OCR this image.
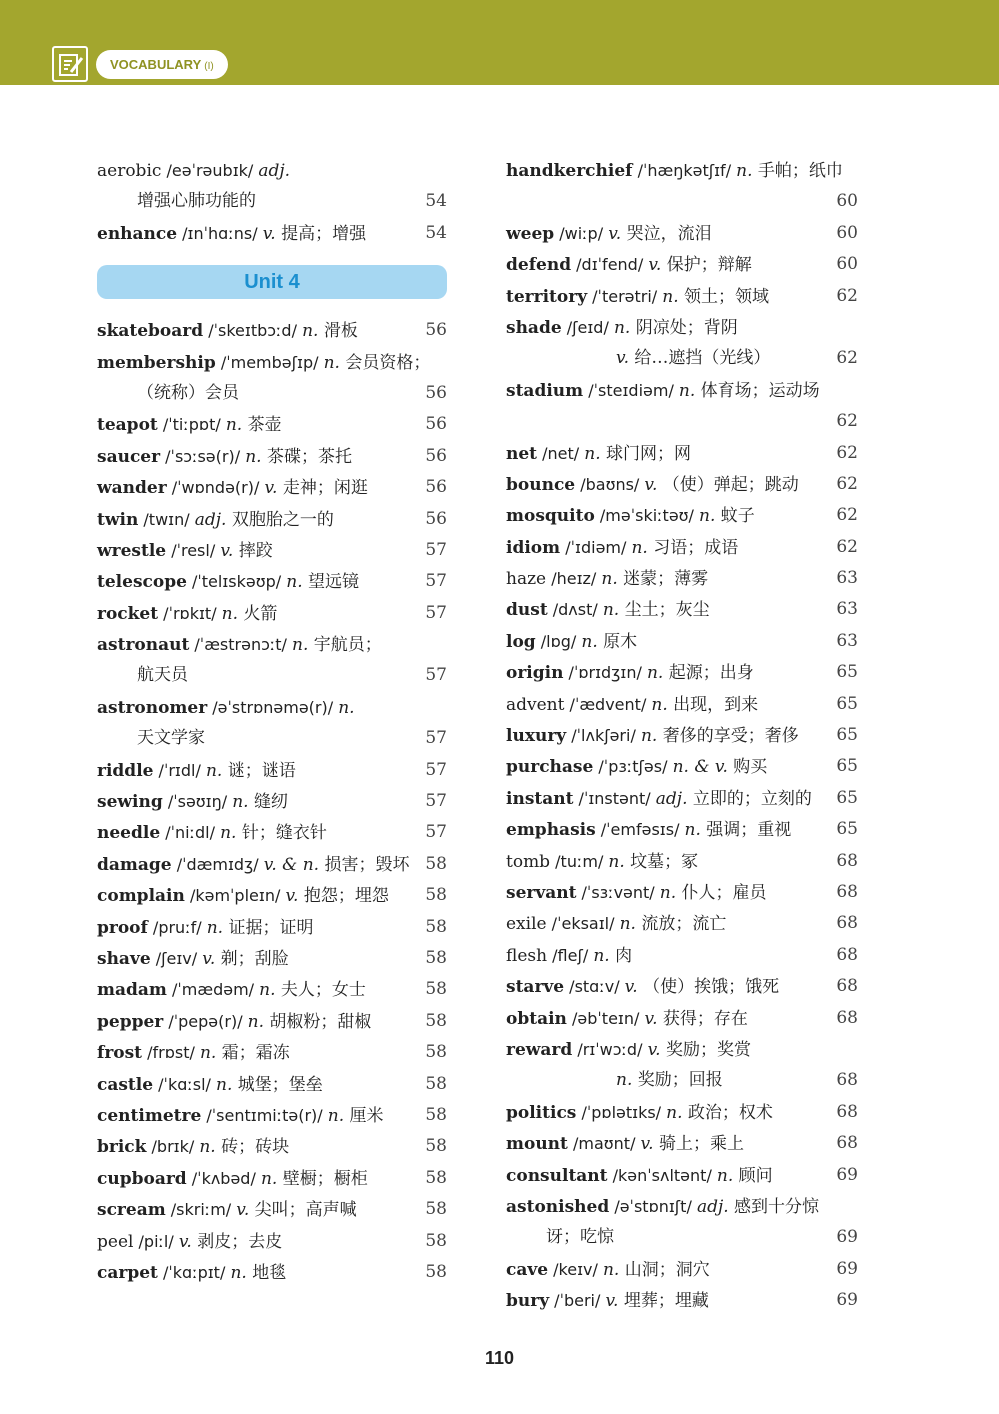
VOCABULARY (I)
aerobic /eəˈrəubɪk/ adj.
增强心肺功能的	54
enhance /ɪnˈhɑːns/ v. 提高；增强	54
Unit 4
skateboard /ˈskeɪtbɔːd/ n. 滑板	56
membership /ˈmembəʃɪp/ n. 会员资格；
（统称）会员	56
teapot /ˈtiːpɒt/ n. 茶壶	56
saucer /ˈsɔːsə(r)/ n. 茶碟；茶托	56
wander /ˈwɒndə(r)/ v. 走神；闲逛	56
twin /twɪn/ adj. 双胞胎之一的	56
wrestle /ˈresl/ v. 摔跤	57
telescope /ˈtelɪskəʊp/ n. 望远镜	57
rocket /ˈrɒkɪt/ n. 火箭	57
astronaut /ˈæstrənɔːt/ n. 宇航员；
航天员	57
astronomer /əˈstrɒnəmə(r)/ n.
天文学家	57
riddle /ˈrɪdl/ n. 谜；谜语	57
sewing /ˈsəʊɪŋ/ n. 缝纫	57
needle /ˈniːdl/ n. 针；缝衣针	57
damage /ˈdæmɪdʒ/ v. & n. 损害；毁坏 58
complain /kəmˈpleɪn/ v. 抱怨；埋怨 58
proof /pruːf/ n. 证据；证明	58
shave /ʃeɪv/ v. 剃；刮脸	58
madam /ˈmædəm/ n. 夫人；女士	58
pepper /ˈpepə(r)/ n. 胡椒粉；甜椒	58
frost /frɒst/ n. 霜；霜冻	58
castle /ˈkɑːsl/ n. 城堡；堡垒	58
centimetre /ˈsentɪmiːtə(r)/ n. 厘米 58
brick /brɪk/ n. 砖；砖块	58
cupboard /ˈkʌbəd/ n. 壁橱；橱柜	58
scream /skriːm/ v. 尖叫；高声喊	58
peel /piːl/ v. 剥皮；去皮	58
carpet /ˈkɑːpɪt/ n. 地毯	58
handkerchief /ˈhæŋkətʃɪf/ n. 手帕；纸巾
60
weep /wiːp/ v. 哭泣，流泪	60
defend /dɪˈfend/ v. 保护；辩解	60
territory /ˈterətri/ n. 领土；领域	62
shade /ʃeɪd/ n. 阴凉处；背阴
v. 给…遮挡（光线）	62
stadium /ˈsteɪdiəm/ n. 体育场；运动场
62
net /net/ n. 球门网；网	62
bounce /baʊns/ v. （使）弹起；跳动 62
mosquito /məˈskiːtəʊ/ n. 蚊子	62
idiom /ˈɪdiəm/ n. 习语；成语	62
haze /heɪz/ n. 迷蒙；薄雾	63
dust /dʌst/ n. 尘土；灰尘	63
log /lɒg/ n. 原木	63
origin /ˈɒrɪdʒɪn/ n. 起源；出身	65
advent /ˈædvent/ n. 出现，到来	65
luxury /ˈlʌkʃəri/ n. 奢侈的享受；奢侈 65
purchase /ˈpɜːtʃəs/ n. & v. 购买	65
instant /ˈɪnstənt/ adj. 立即的；立刻的 65
emphasis /ˈemfəsɪs/ n. 强调；重视	65
tomb /tuːm/ n. 坟墓；冢	68
servant /ˈsɜːvənt/ n. 仆人；雇员	68
exile /ˈeksaɪl/ n. 流放；流亡	68
flesh /fleʃ/ n. 肉	68
starve /stɑːv/ v. （使）挨饿；饿死	68
obtain /əbˈteɪn/ v. 获得；存在	68
reward /rɪˈwɔːd/ v. 奖励；奖赏
n. 奖励；回报	68
politics /ˈpɒlətɪks/ n. 政治；权术	68
mount /maʊnt/ v. 骑上；乘上	68
consultant /kənˈsʌltənt/ n. 顾问	69
astonished /əˈstɒnɪʃt/ adj. 感到十分惊
讶；吃惊	69
cave /keɪv/ n. 山洞；洞穴	69
bury /ˈberi/ v. 埋葬；埋藏	69
110
